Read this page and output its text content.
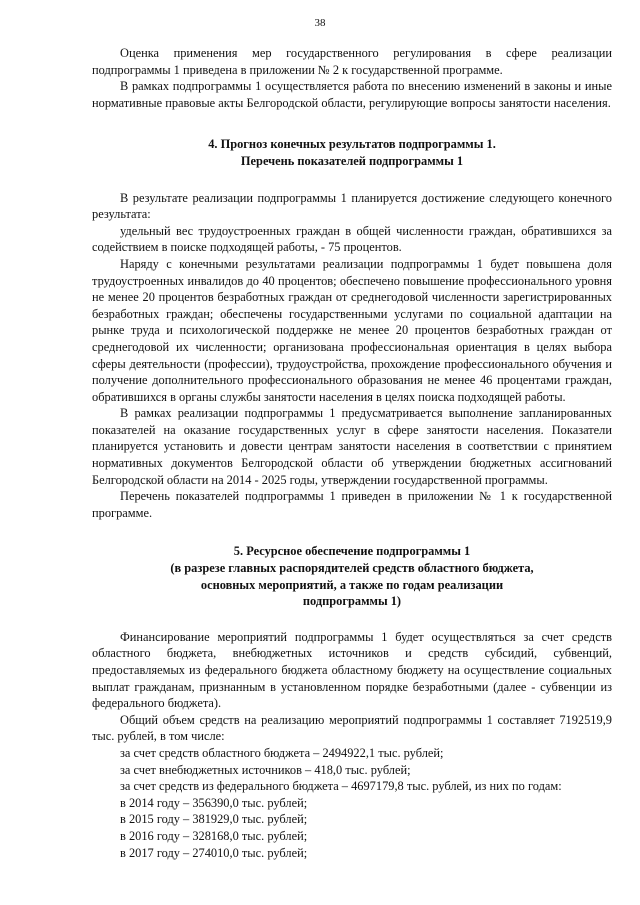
38

Оценка применения мер государственного регулирования в сфере реализации подпрограммы 1 приведена в приложении № 2 к государственной программе.

В рамках подпрограммы 1 осуществляется работа по внесению изменений в законы и иные нормативные правовые акты Белгородской области, регулирующие вопросы занятости населения.

4. Прогноз конечных результатов подпрограммы 1.
Перечень показателей подпрограммы 1

В результате реализации подпрограммы 1 планируется достижение следующего конечного результата:

удельный вес трудоустроенных граждан в общей численности граждан, обратившихся за содействием в поиске подходящей работы, - 75 процентов.

Наряду с конечными результатами реализации подпрограммы 1 будет повышена доля трудоустроенных инвалидов до 40 процентов; обеспечено повышение профессионального уровня не менее 20 процентов безработных граждан от среднегодовой численности зарегистрированных безработных граждан; обеспечены государственными услугами по социальной адаптации на рынке труда и психологической поддержке не менее 20 процентов безработных граждан от среднегодовой их численности; организована профессиональная ориентация в целях выбора сферы деятельности (профессии), трудоустройства, прохождение профессионального обучения и получение дополнительного профессионального образования не менее 46 процентами граждан, обратившихся в органы службы занятости населения в целях поиска подходящей работы.

В рамках реализации подпрограммы 1 предусматривается выполнение запланированных показателей на оказание государственных услуг в сфере занятости населения. Показатели планируется установить и довести центрам занятости населения в соответствии с принятием нормативных документов Белгородской области об утверждении бюджетных ассигнований Белгородской области на 2014 - 2025 годы, утверждении государственной программы.

Перечень показателей подпрограммы 1 приведен в приложении № 1 к государственной программе.

5. Ресурсное обеспечение подпрограммы 1
(в разрезе главных распорядителей средств областного бюджета,
основных мероприятий, а также по годам реализации
подпрограммы 1)

Финансирование мероприятий подпрограммы 1 будет осуществляться за счет средств областного бюджета, внебюджетных источников и средств субсидий, субвенций, предоставляемых из федерального бюджета областному бюджету на осуществление социальных выплат гражданам, признанным в установленном порядке безработными (далее - субвенции из федерального бюджета).

Общий объем средств на реализацию мероприятий подпрограммы 1 составляет 7192519,9 тыс. рублей, в том числе:

за счет средств областного бюджета – 2494922,1 тыс. рублей;
за счет внебюджетных источников – 418,0 тыс. рублей;
за счет средств из федерального бюджета – 4697179,8 тыс. рублей, из них по годам:
в 2014 году – 356390,0 тыс. рублей;
в 2015 году – 381929,0 тыс. рублей;
в 2016 году – 328168,0 тыс. рублей;
в 2017 году – 274010,0 тыс. рублей;
